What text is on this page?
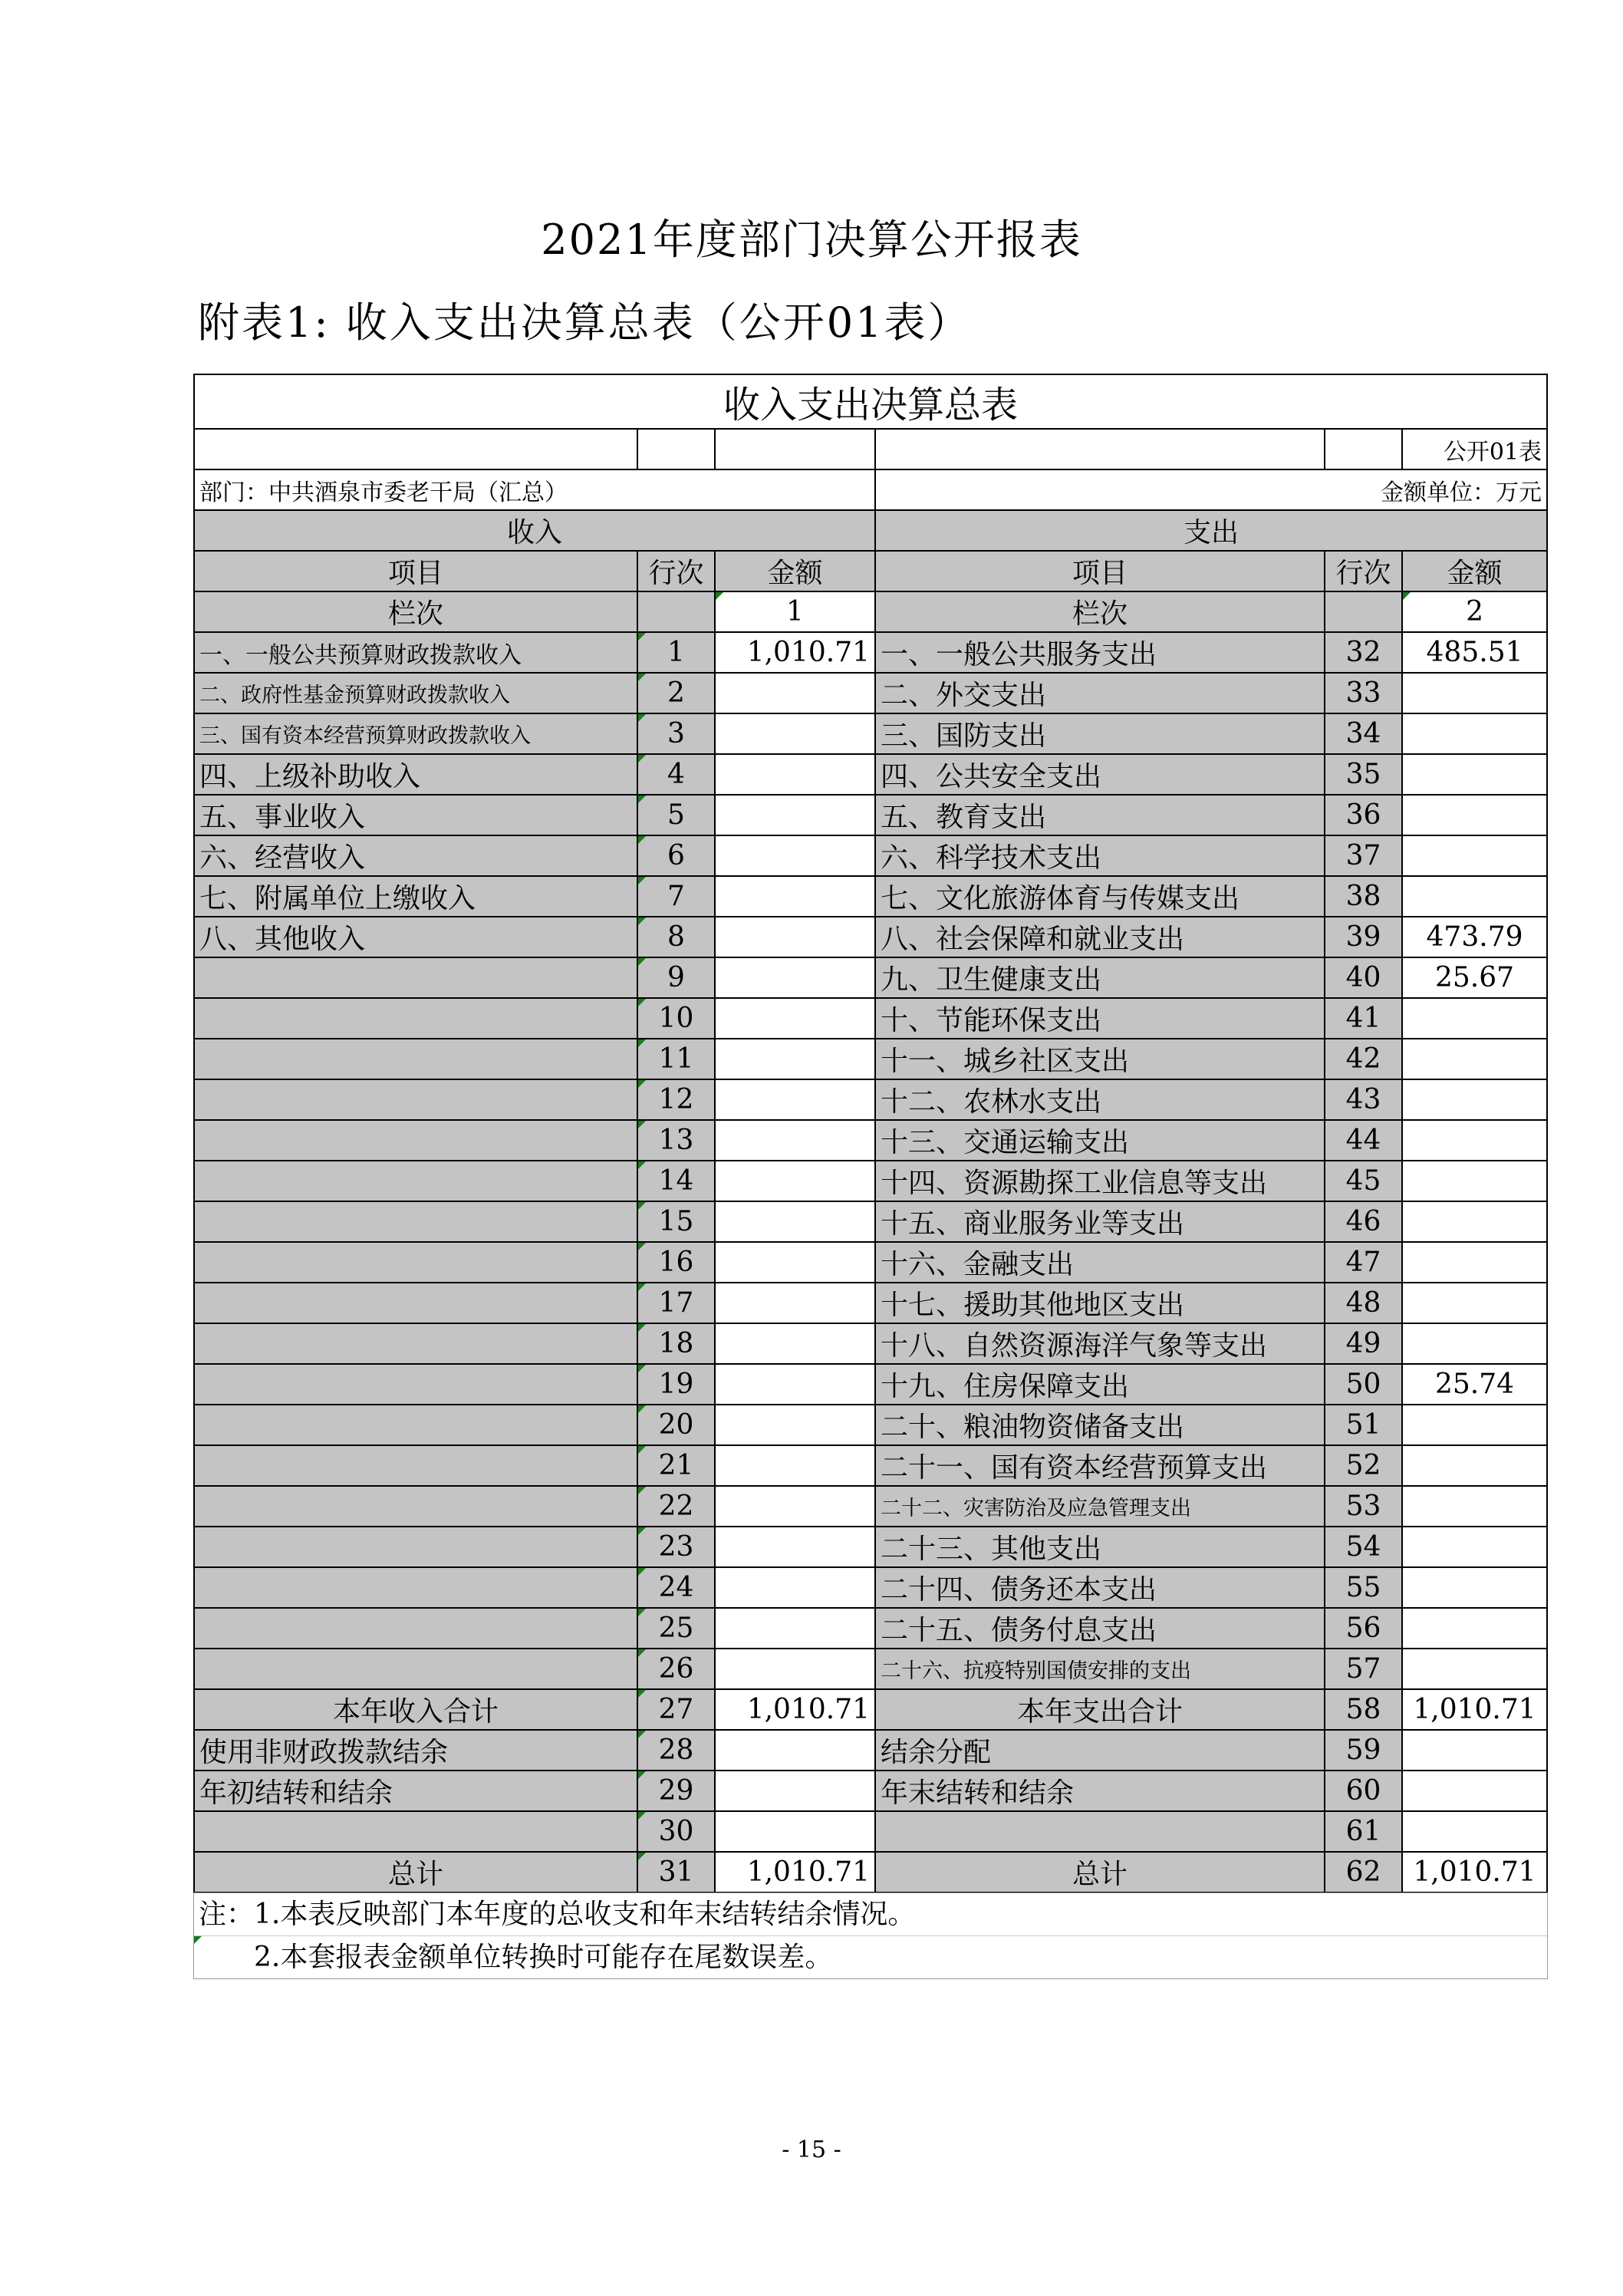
2021年度部门决算公开报表
附表1: 收入支出决算总表（公开01表）
收入支出决算总表					
					公开01表
部门：中共酒泉市委老干局（汇总）			金额单位：万元		
收入			支出		
项目	行次	金额	项目	行次	金额
栏次		1	栏次		2
一、一般公共预算财政拨款收入	1	1,010.71	一、一般公共服务支出	32	485.51
二、政府性基金预算财政拨款收入	2		二、外交支出	33	
三、国有资本经营预算财政拨款收入	3		三、国防支出	34	
四、上级补助收入	4		四、公共安全支出	35	
五、事业收入	5		五、教育支出	36	
六、经营收入	6		六、科学技术支出	37	
七、附属单位上缴收入	7		七、文化旅游体育与传媒支出	38	
八、其他收入	8		八、社会保障和就业支出	39	473.79
	9		九、卫生健康支出	40	25.67
	10		十、节能环保支出	41	
	11		十一、城乡社区支出	42	
	12		十二、农林水支出	43	
	13		十三、交通运输支出	44	
	14		十四、资源勘探工业信息等支出	45	
	15		十五、商业服务业等支出	46	
	16		十六、金融支出	47	
	17		十七、援助其他地区支出	48	
	18		十八、自然资源海洋气象等支出	49	
	19		十九、住房保障支出	50	25.74
	20		二十、粮油物资储备支出	51	
	21		二十一、国有资本经营预算支出	52	
	22		二十二、灾害防治及应急管理支出	53	
	23		二十三、其他支出	54	
	24		二十四、债务还本支出	55	
	25		二十五、债务付息支出	56	
	26		二十六、抗疫特别国债安排的支出	57	
本年收入合计	27	1,010.71	本年支出合计	58	1,010.71
使用非财政拨款结余	28		结余分配	59	
年初结转和结余	29		年末结转和结余	60	
	30			61	
总计	31	1,010.71	总计	62	1,010.71
注：1.本表反映部门本年度的总收支和年末结转结余情况。
　　2.本套报表金额单位转换时可能存在尾数误差。
- 15 -
